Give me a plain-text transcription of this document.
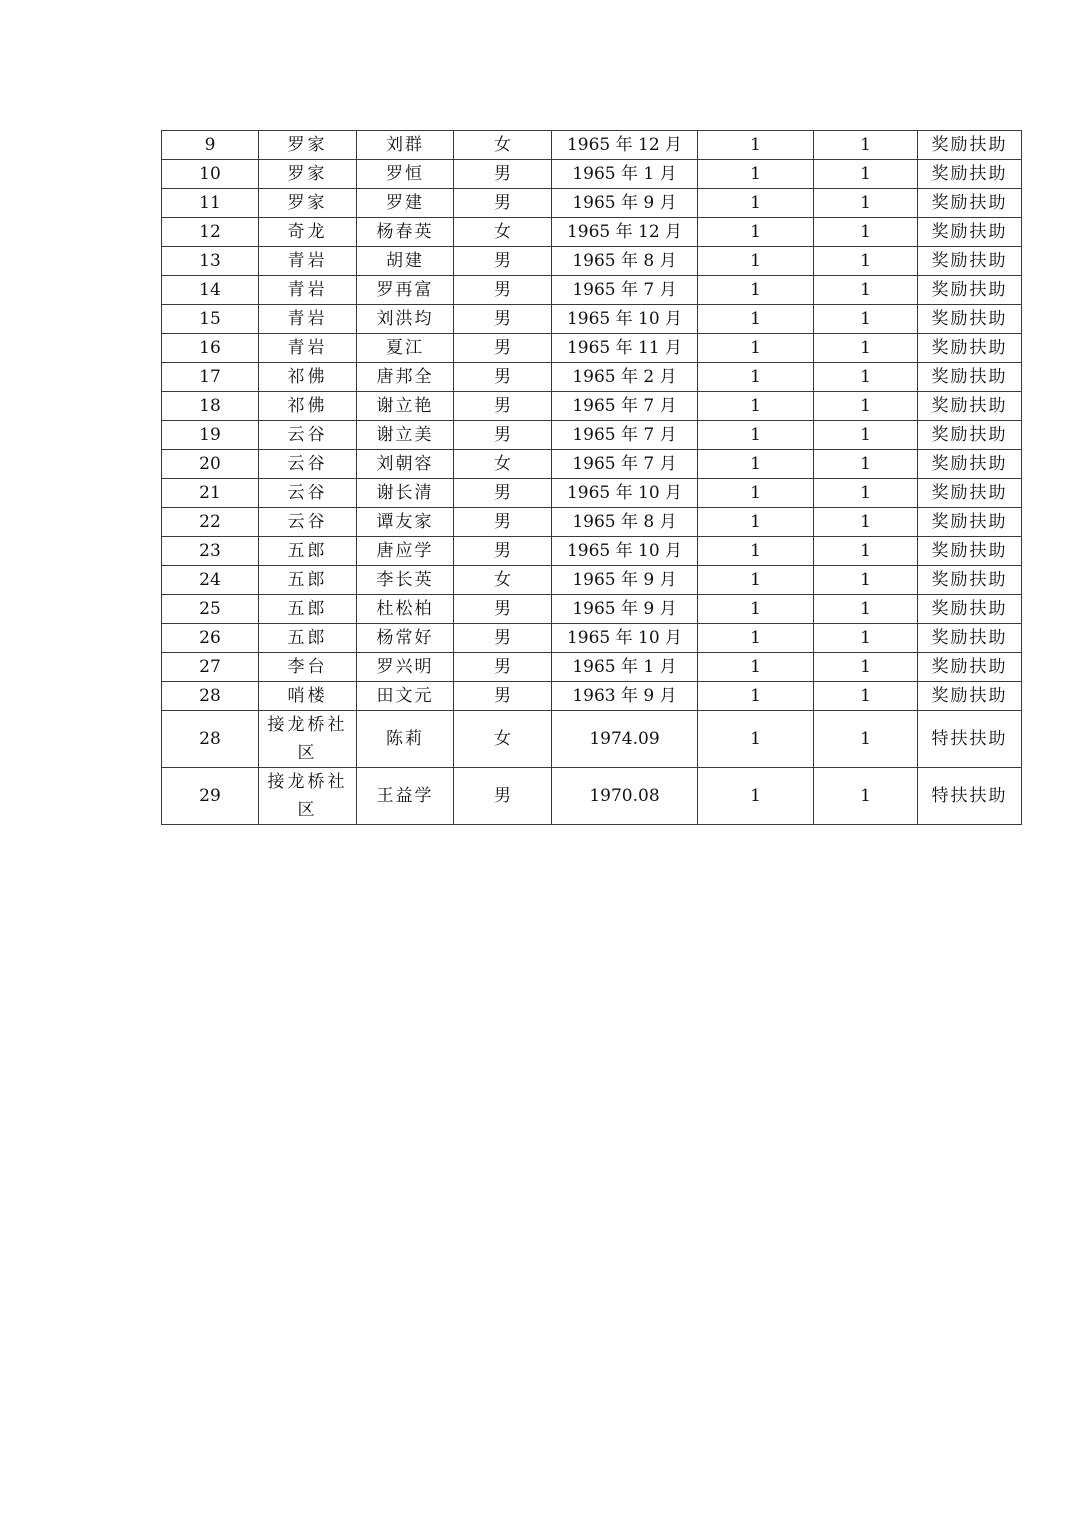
9	罗家	刘群	女	1965 年 12 月	1	1	奖励扶助
10	罗家	罗恒	男	1965 年 1 月	1	1	奖励扶助
11	罗家	罗建	男	1965 年 9 月	1	1	奖励扶助
12	奇龙	杨春英	女	1965 年 12 月	1	1	奖励扶助
13	青岩	胡建	男	1965 年 8 月	1	1	奖励扶助
14	青岩	罗再富	男	1965 年 7 月	1	1	奖励扶助
15	青岩	刘洪均	男	1965 年 10 月	1	1	奖励扶助
16	青岩	夏江	男	1965 年 11 月	1	1	奖励扶助
17	祁佛	唐邦全	男	1965 年 2 月	1	1	奖励扶助
18	祁佛	谢立艳	男	1965 年 7 月	1	1	奖励扶助
19	云谷	谢立美	男	1965 年 7 月	1	1	奖励扶助
20	云谷	刘朝容	女	1965 年 7 月	1	1	奖励扶助
21	云谷	谢长清	男	1965 年 10 月	1	1	奖励扶助
22	云谷	谭友家	男	1965 年 8 月	1	1	奖励扶助
23	五郎	唐应学	男	1965 年 10 月	1	1	奖励扶助
24	五郎	李长英	女	1965 年 9 月	1	1	奖励扶助
25	五郎	杜松柏	男	1965 年 9 月	1	1	奖励扶助
26	五郎	杨常好	男	1965 年 10 月	1	1	奖励扶助
27	李台	罗兴明	男	1965 年 1 月	1	1	奖励扶助
28	哨楼	田文元	男	1963 年 9 月	1	1	奖励扶助
28	接龙桥社区	陈莉	女	1974.09	1	1	特扶扶助
29	接龙桥社区	王益学	男	1970.08	1	1	特扶扶助
